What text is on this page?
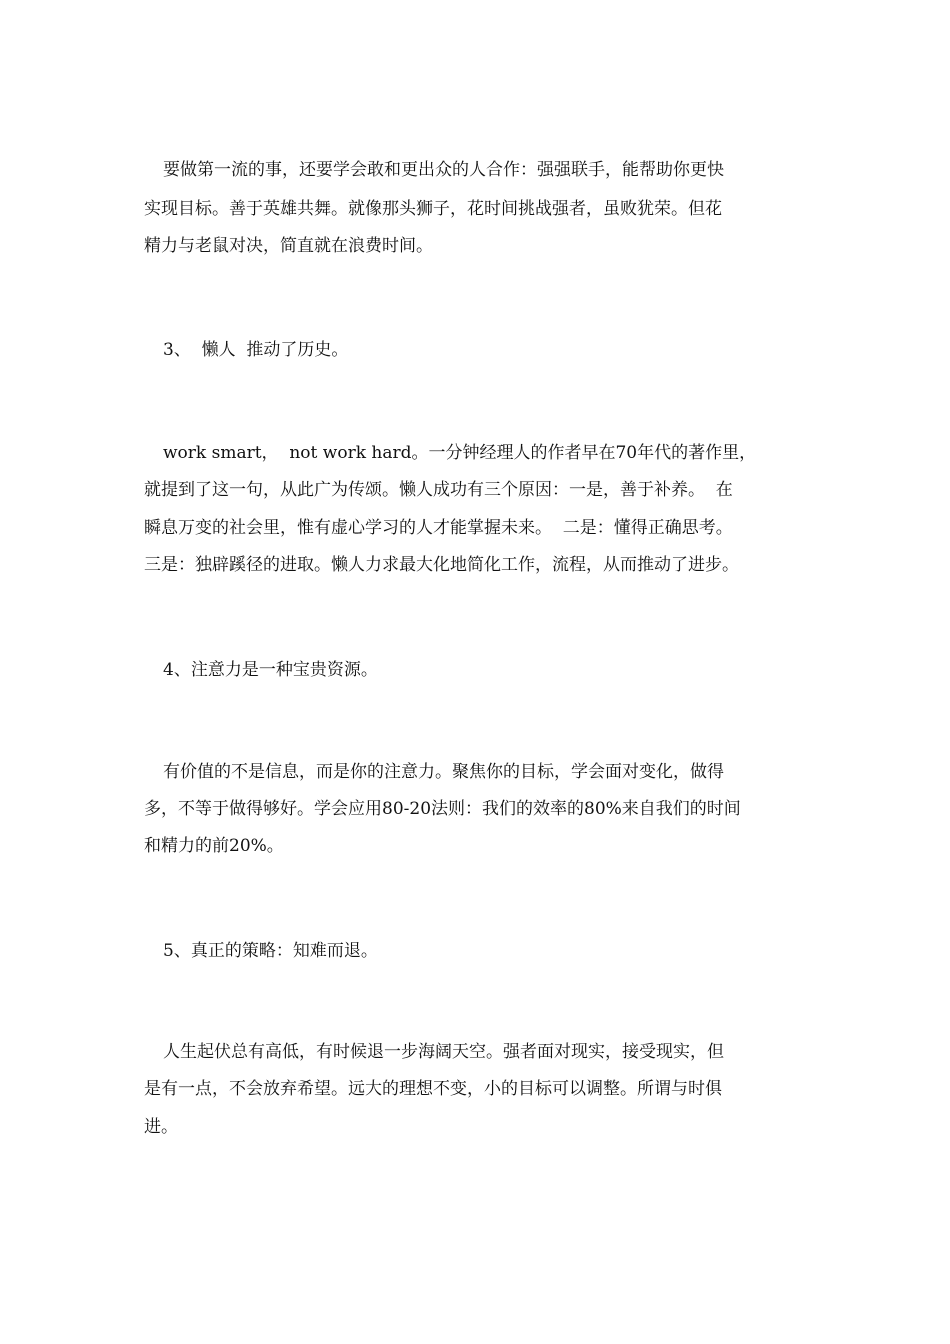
要做第一流的事，还要学会敢和更出众的人合作：强强联手，能帮助你更快
实现目标。善于英雄共舞。就像那头狮子，花时间挑战强者，虽败犹荣。但花
精力与老鼠对决，简直就在浪费时间。
3、  懒人  推动了历史。
work smart，  not work hard。一分钟经理人的作者早在70年代的著作里，
就提到了这一句，从此广为传颂。懒人成功有三个原因：一是，善于补养。  在
瞬息万变的社会里，惟有虚心学习的人才能掌握未来。  二是：懂得正确思考。
三是：独辟蹊径的进取。懒人力求最大化地简化工作，流程，从而推动了进步。
4、注意力是一种宝贵资源。
有价值的不是信息，而是你的注意力。聚焦你的目标，学会面对变化，做得
多，不等于做得够好。学会应用80-20法则：我们的效率的80%来自我们的时间
和精力的前20%。
5、真正的策略：知难而退。
人生起伏总有高低，有时候退一步海阔天空。强者面对现实，接受现实，但
是有一点，不会放弃希望。远大的理想不变，小的目标可以调整。所谓与时俱
进。
